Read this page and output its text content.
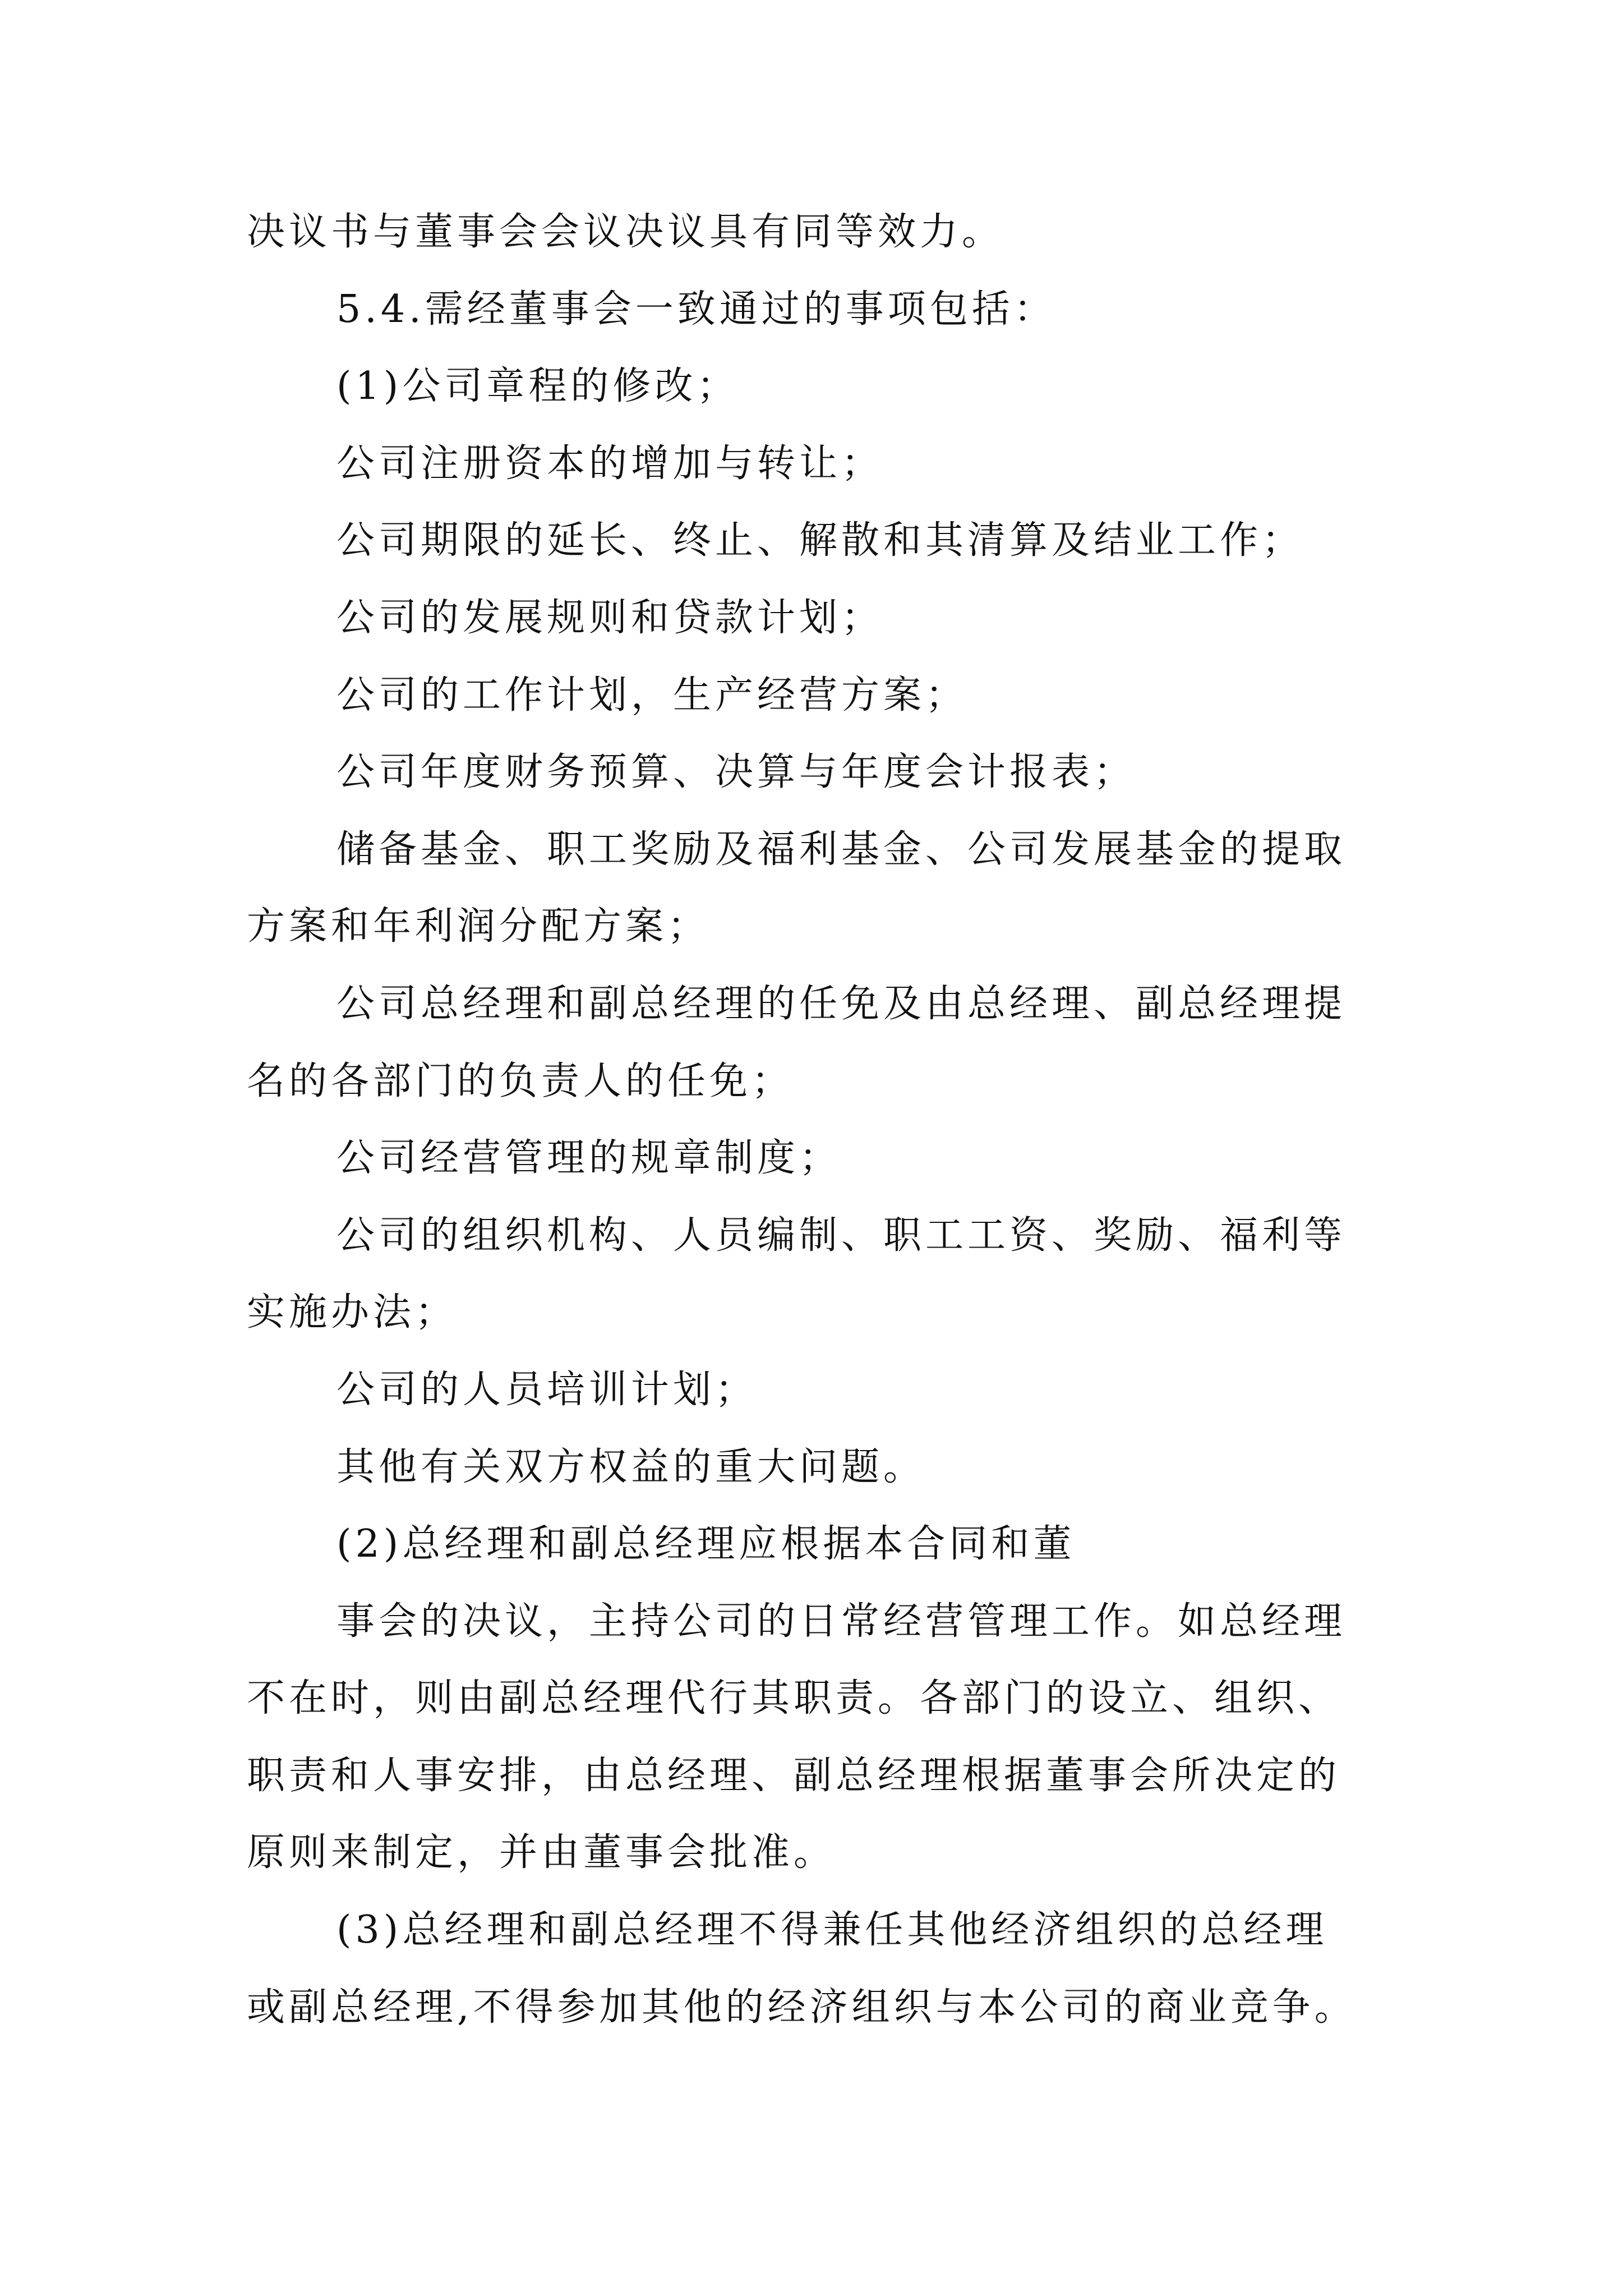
决议书与董事会会议决议具有同等效力。
5.4.需经董事会一致通过的事项包括：
(1)公司章程的修改；
公司注册资本的增加与转让；
公司期限的延长、终止、解散和其清算及结业工作；
公司的发展规则和贷款计划；
公司的工作计划，生产经营方案；
公司年度财务预算、决算与年度会计报表；
储备基金、职工奖励及福利基金、公司发展基金的提取
方案和年利润分配方案；
公司总经理和副总经理的任免及由总经理、副总经理提
名的各部门的负责人的任免；
公司经营管理的规章制度；
公司的组织机构、人员编制、职工工资、奖励、福利等
实施办法；
公司的人员培训计划；
其他有关双方权益的重大问题。
(2)总经理和副总经理应根据本合同和董
事会的决议，主持公司的日常经营管理工作。如总经理
不在时，则由副总经理代行其职责。各部门的设立、组织、
职责和人事安排，由总经理、副总经理根据董事会所决定的
原则来制定，并由董事会批准。
(3)总经理和副总经理不得兼任其他经济组织的总经理
或副总经理,不得参加其他的经济组织与本公司的商业竞争。
